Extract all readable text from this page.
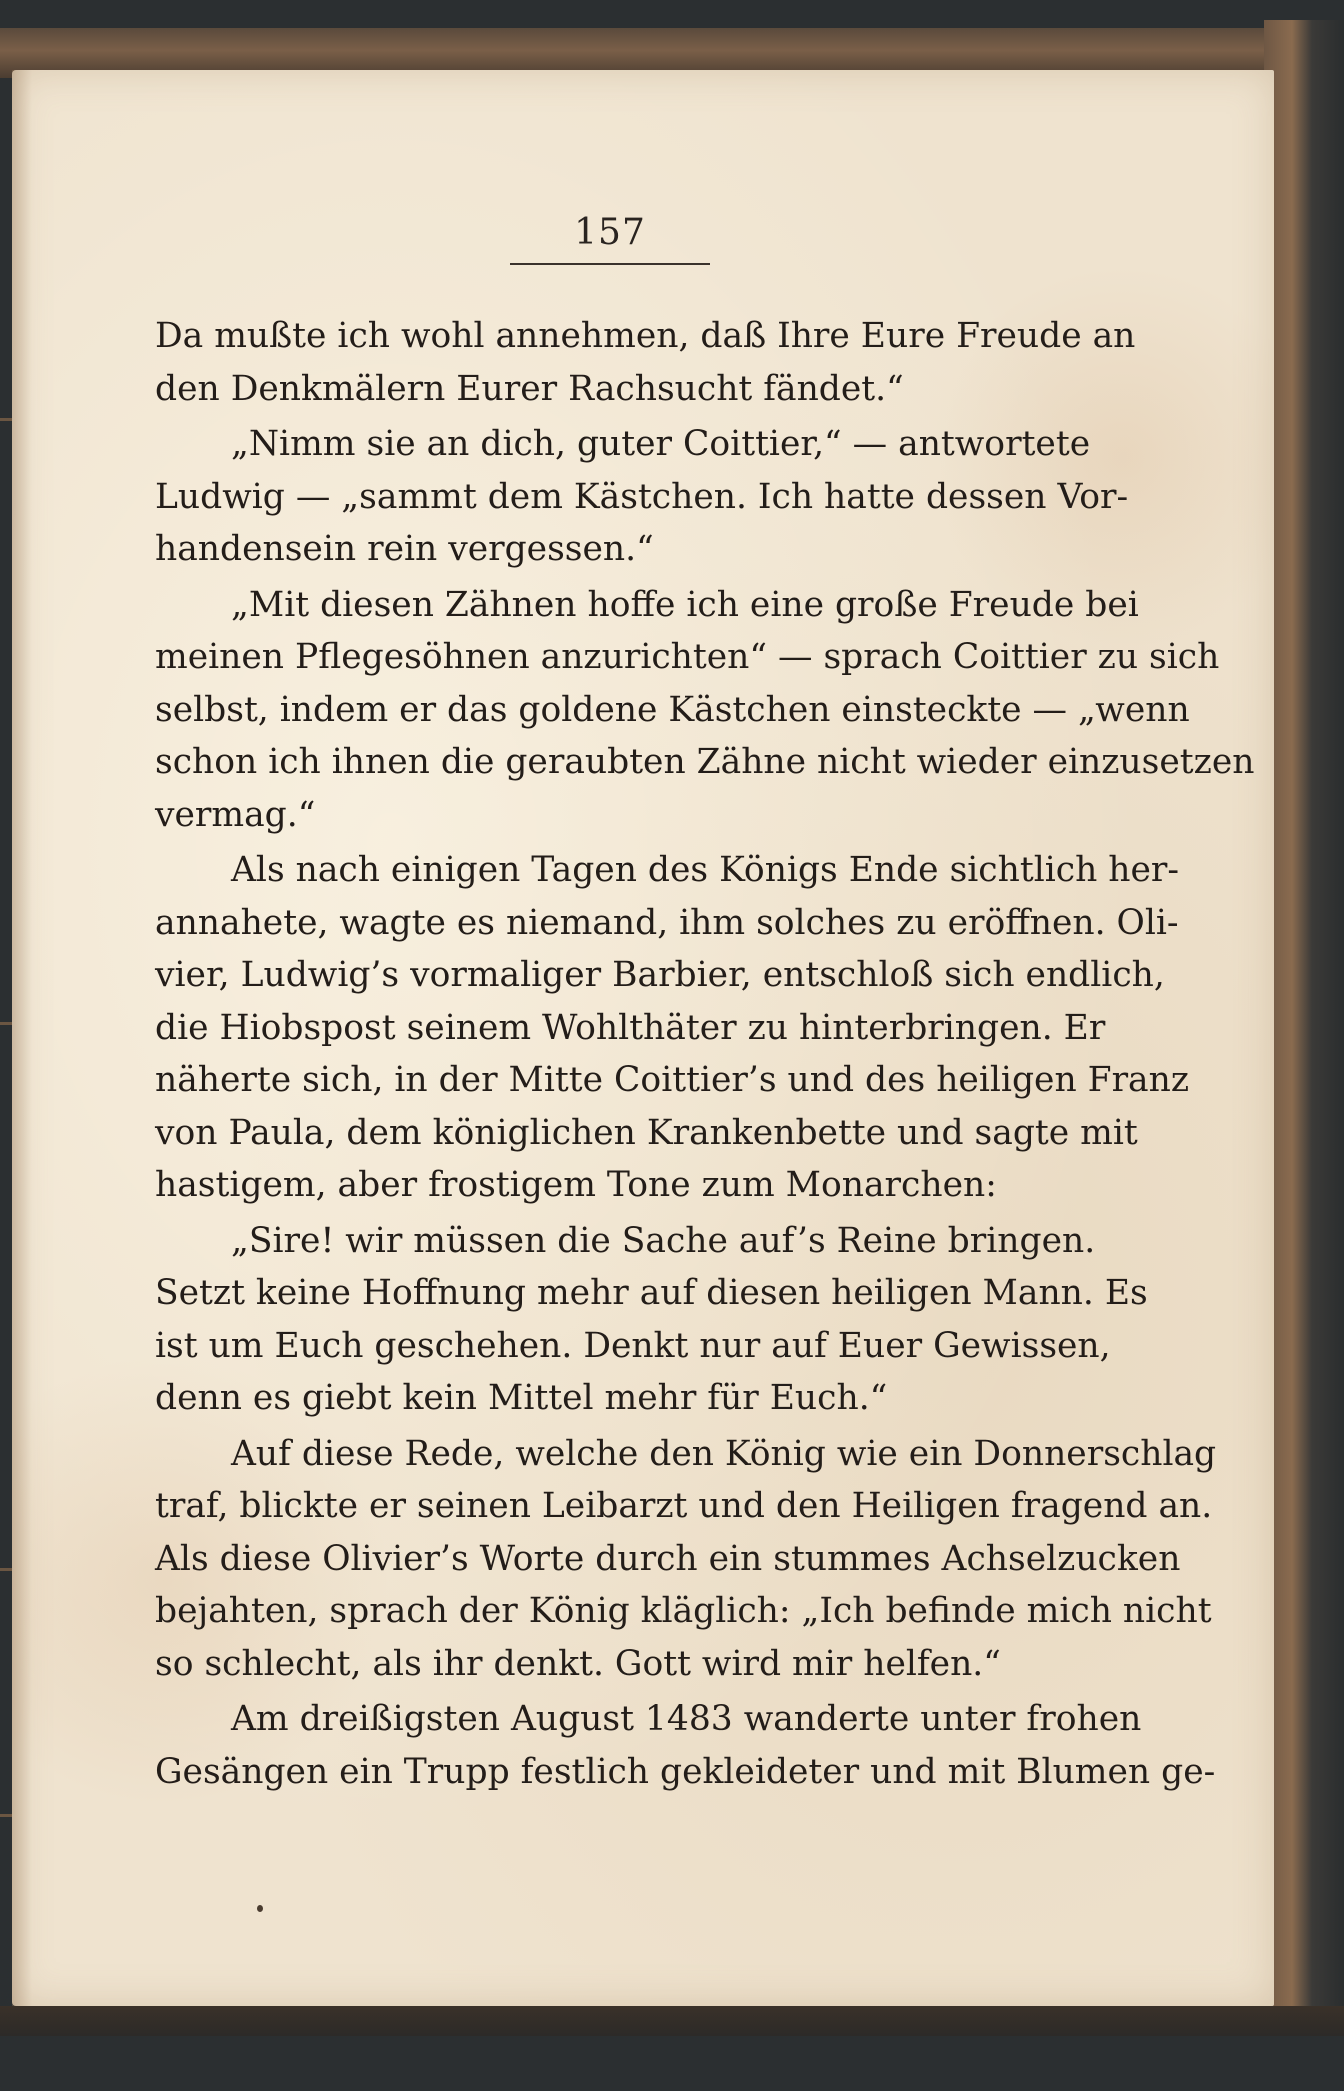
157
Da mußte ich wohl annehmen, daß Ihre Eure Freude an
den Denkmälern Eurer Rachsucht fändet.“
„Nimm sie an dich, guter Coittier,“ — antwortete
Ludwig — „sammt dem Kästchen. Ich hatte dessen Vor-
handensein rein vergessen.“
„Mit diesen Zähnen hoffe ich eine große Freude bei
meinen Pflegesöhnen anzurichten“ — sprach Coittier zu sich
selbst, indem er das goldene Kästchen einsteckte — „wenn
schon ich ihnen die geraubten Zähne nicht wieder einzusetzen
vermag.“
Als nach einigen Tagen des Königs Ende sichtlich her-
annahete, wagte es niemand, ihm solches zu eröffnen. Oli-
vier, Ludwig’s vormaliger Barbier, entschloß sich endlich,
die Hiobspost seinem Wohlthäter zu hinterbringen. Er
näherte sich, in der Mitte Coittier’s und des heiligen Franz
von Paula, dem königlichen Krankenbette und sagte mit
hastigem, aber frostigem Tone zum Monarchen:
„Sire! wir müssen die Sache auf’s Reine bringen.
Setzt keine Hoffnung mehr auf diesen heiligen Mann. Es
ist um Euch geschehen. Denkt nur auf Euer Gewissen,
denn es giebt kein Mittel mehr für Euch.“
Auf diese Rede, welche den König wie ein Donnerschlag
traf, blickte er seinen Leibarzt und den Heiligen fragend an.
Als diese Olivier’s Worte durch ein stummes Achselzucken
bejahten, sprach der König kläglich: „Ich befinde mich nicht
so schlecht, als ihr denkt. Gott wird mir helfen.“
Am dreißigsten August 1483 wanderte unter frohen
Gesängen ein Trupp festlich gekleideter und mit Blumen ge-
